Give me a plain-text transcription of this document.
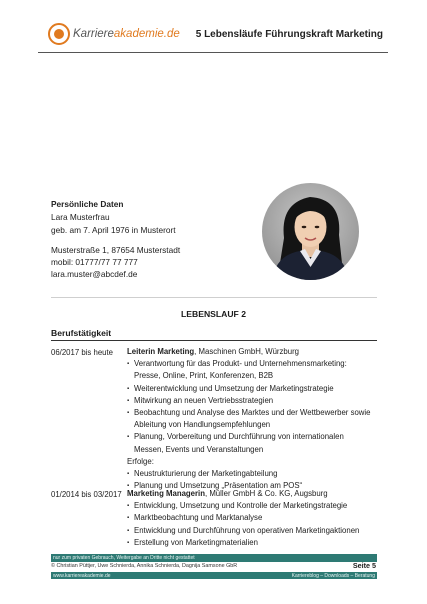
Karriereakademie.de 5 Lebensläufe Führungskraft Marketing
Persönliche Daten
Lara Musterfrau
geb. am 7. April 1976 in Musterort
Musterstraße 1, 87654 Musterstadt
mobil: 01777/77 77 777
lara.muster@abcdef.de
LEBENSLAUF 2
Berufstätigkeit
06/2017 bis heute Leiterin Marketing, Maschinen GmbH, Würzburg
▪ Verantwortung für das Produkt- und Unternehmensmarketing: Presse, Online, Print, Konferenzen, B2B
▪ Weiterentwicklung und Umsetzung der Marketingstrategie
▪ Mitwirkung an neuen Vertriebsstrategien
▪ Beobachtung und Analyse des Marktes und der Wettbewerber sowie Ableitung von Handlungsempfehlungen
▪ Planung, Vorbereitung und Durchführung von internationalen Messen, Events und Veranstaltungen
Erfolge:
▪ Neustrukturierung der Marketingabteilung
▪ Planung und Umsetzung „Präsentation am POS“
01/2014 bis 03/2017 Marketing Managerin, Müller GmbH & Co. KG, Augsburg
▪ Entwicklung, Umsetzung und Kontrolle der Marketingstrategie
▪ Marktbeobachtung und Marktanalyse
▪ Entwicklung und Durchführung von operativen Marketingaktionen
▪ Erstellung von Marketingmaterialien
nur zum privaten Gebrauch, Weitergabe an Dritte nicht gestattet
© Christian Püttjer, Uwe Schnierda, Annika Schnierda, Dagnija Samsone GbR	Seite 5
www.karriereakademie.de	Karriereblog – Downloads – Beratung
